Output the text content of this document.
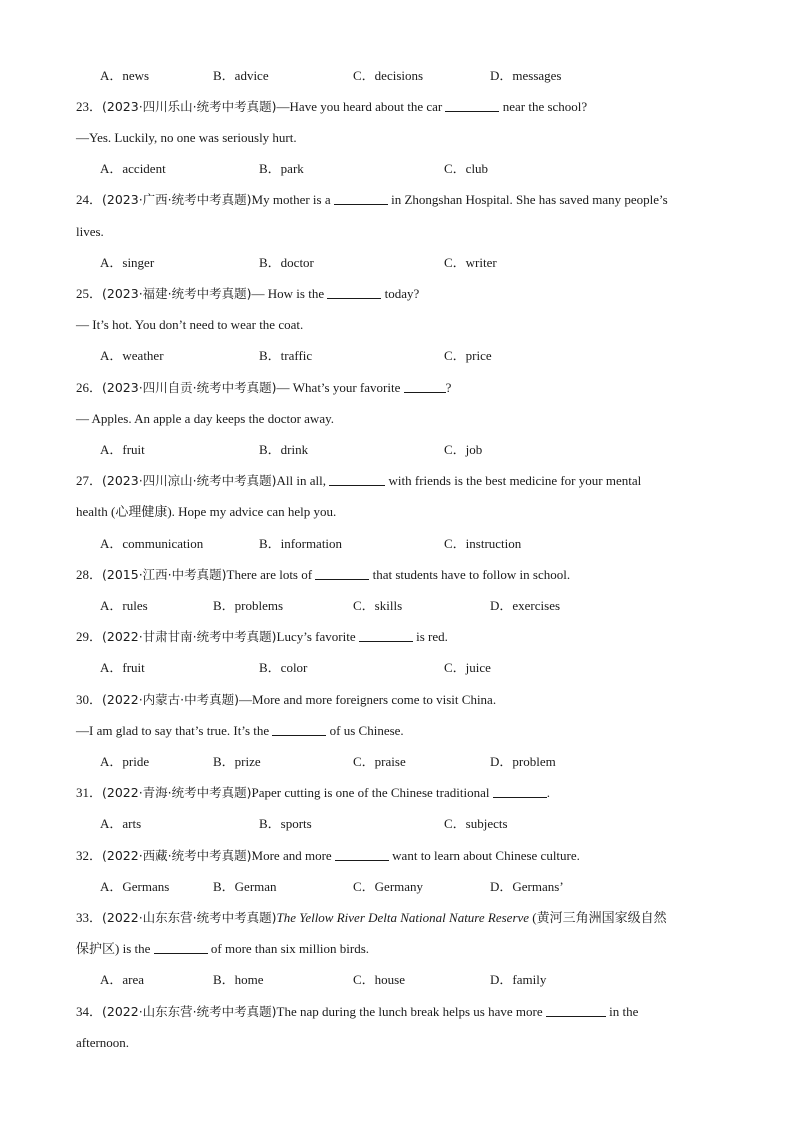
A．news	B．advice	C．decisions	D．messages
23．(2023·四川乐山·统考中考真题)—Have you heard about the car	near the school?
—Yes. Luckily, no one was seriously hurt.
A．accident	B．park	C．club
24．(2023·广西·统考中考真题)My mother is a	in Zhongshan Hospital. She has saved many people’s
lives.
A．singer	B．doctor	C．writer
25．(2023·福建·统考中考真题)— How is the	today?
— It’s hot. You don’t need to wear the coat.
A．weather	B．traffic	C．price
26．(2023·四川自贡·统考中考真题)— What’s your favorite	?
— Apples. An apple a day keeps the doctor away.
A．fruit	B．drink	C．job
27．(2023·四川凉山·统考中考真题)All in all,	with friends is the best medicine for your mental
health (心理健康). Hope my advice can help you.
A．communication	B．information	C．instruction
28．(2015·江西·中考真题)There are lots of	that students have to follow in school.
A．rules	B．problems	C．skills	D．exercises
29．(2022·甘肃甘南·统考中考真题)Lucy’s favorite	is red.
A．fruit	B．color	C．juice
30．(2022·内蒙古·中考真题)—More and more foreigners come to visit China.
—I am glad to say that’s true. It’s the	of us Chinese.
A．pride	B．prize	C．praise	D．problem
31．(2022·青海·统考中考真题)Paper cutting is one of the Chinese traditional	.
A．arts	B．sports	C．subjects
32．(2022·西藏·统考中考真题)More and more	want to learn about Chinese culture.
A．Germans	B．German	C．Germany	D．Germans’
33．(2022·山东东营·统考中考真题)The Yellow River Delta National Nature Reserve (黄河三角洲国家级自然
保护区) is the	of more than six million birds.
A．area	B．home	C．house	D．family
34．(2022·山东东营·统考中考真题)The nap during the lunch break helps us have more	in the
afternoon.
